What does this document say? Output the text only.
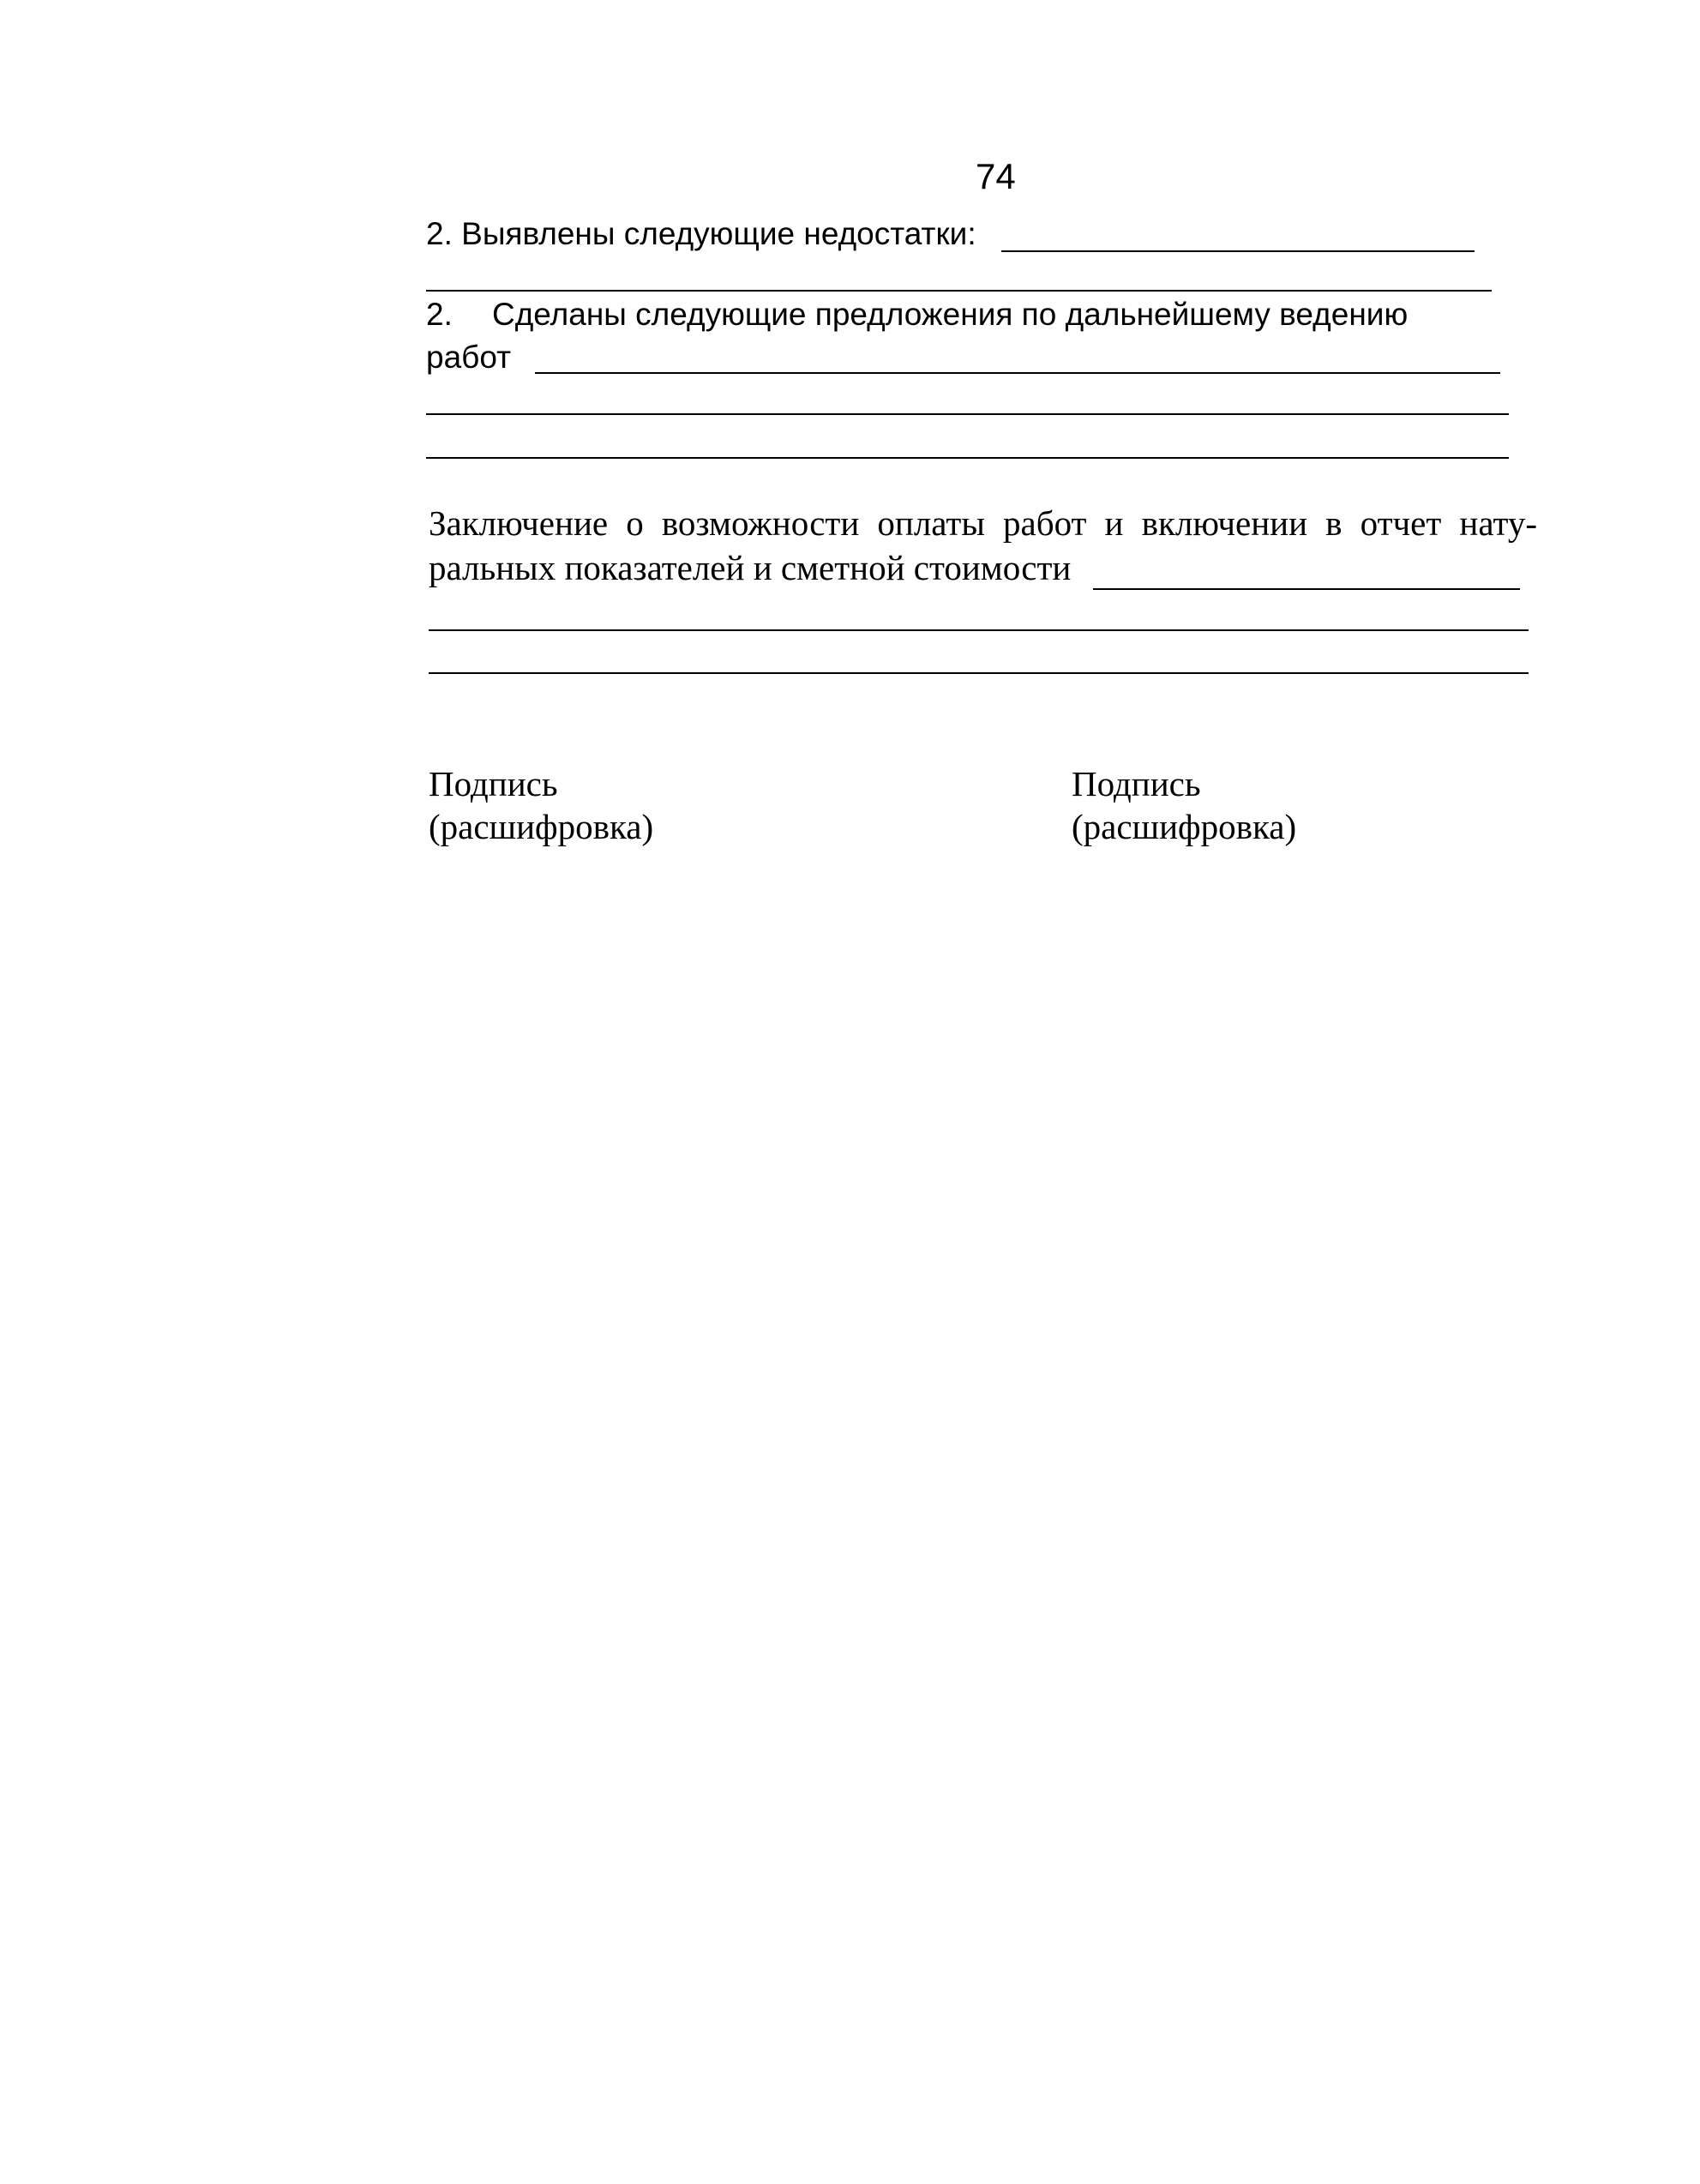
74
2. Выявлены следующие недостатки:
2. Сделаны следующие предложения по дальнейшему ведению
работ
Заключение о возможности оплаты работ и включении в отчет нату-
ральных показателей и сметной стоимости
Подпись
(расшифровка)
Подпись
(расшифровка)
